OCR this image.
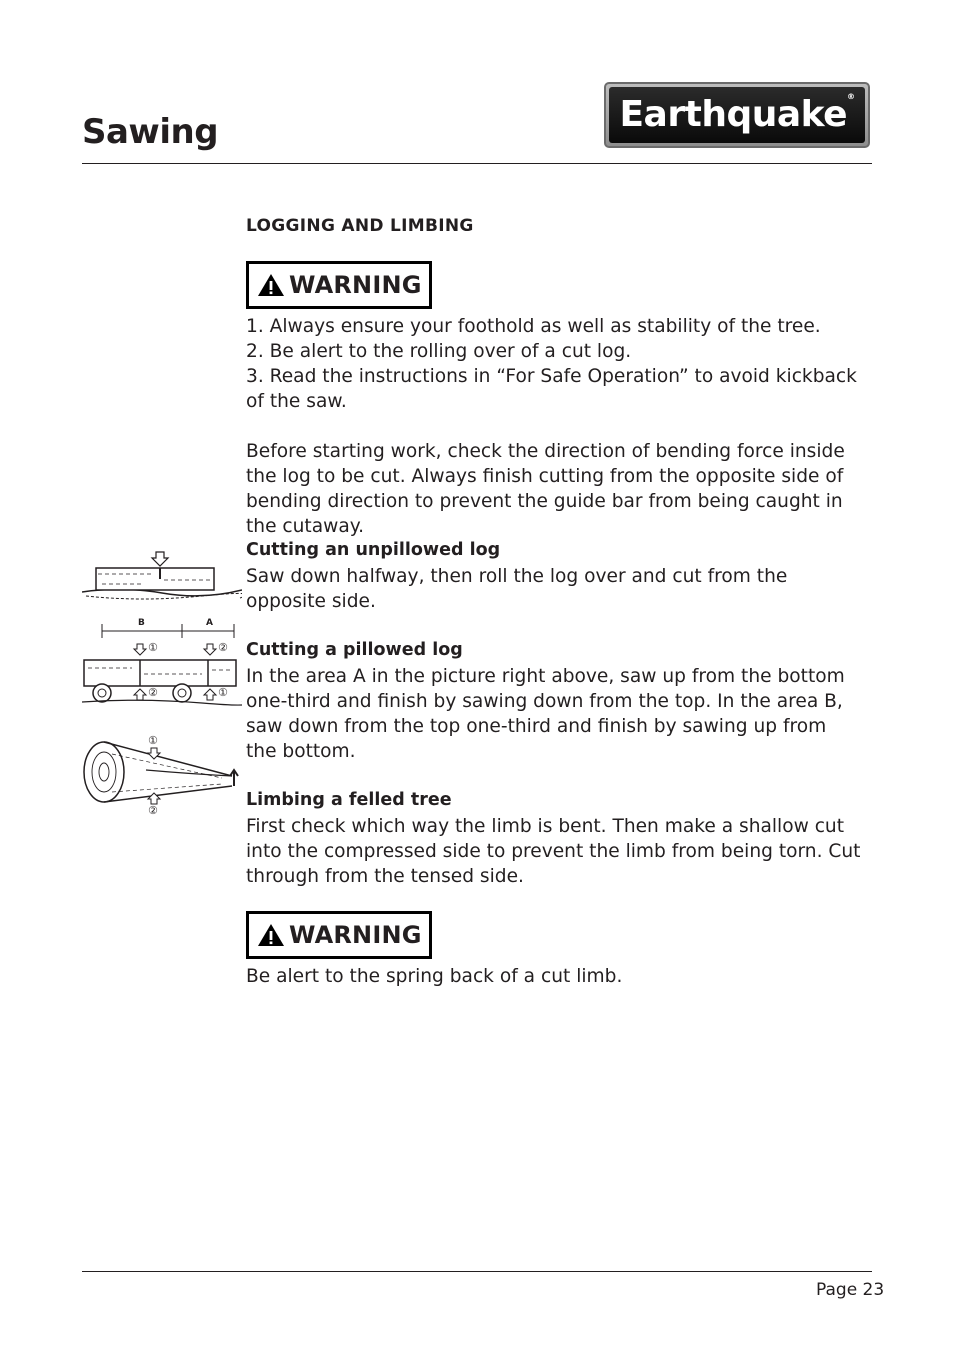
Sawing	Earthquake®
LOGGING AND LIMBING
WARNING

1. Always ensure your foothold as well as stability of the tree.

2. Be alert to the rolling over of a cut log.

3. Read the instructions in “For Safe Operation” to avoid kickback of the saw.

Before starting work, check the direction of bending force inside the log to be cut. Always finish cutting from the opposite side of bending direction to prevent the guide bar from being caught in the cutaway.

Cutting an unpillowed log

Saw down halfway, then roll the log over and cut from the opposite side.

B	A
①	②
②	①
Cutting a pillowed log

In the area A in the picture right above, saw up from the bottom one-third and finish by sawing down from the top. In the area B, saw down from the top one-third and finish by sawing up from the bottom.

①
②
Limbing a felled tree

First check which way the limb is bent. Then make a shallow cut into the compressed side to prevent the limb from being torn. Cut through from the tensed side.

WARNING

Be alert to the spring back of a cut limb.

Page 23
